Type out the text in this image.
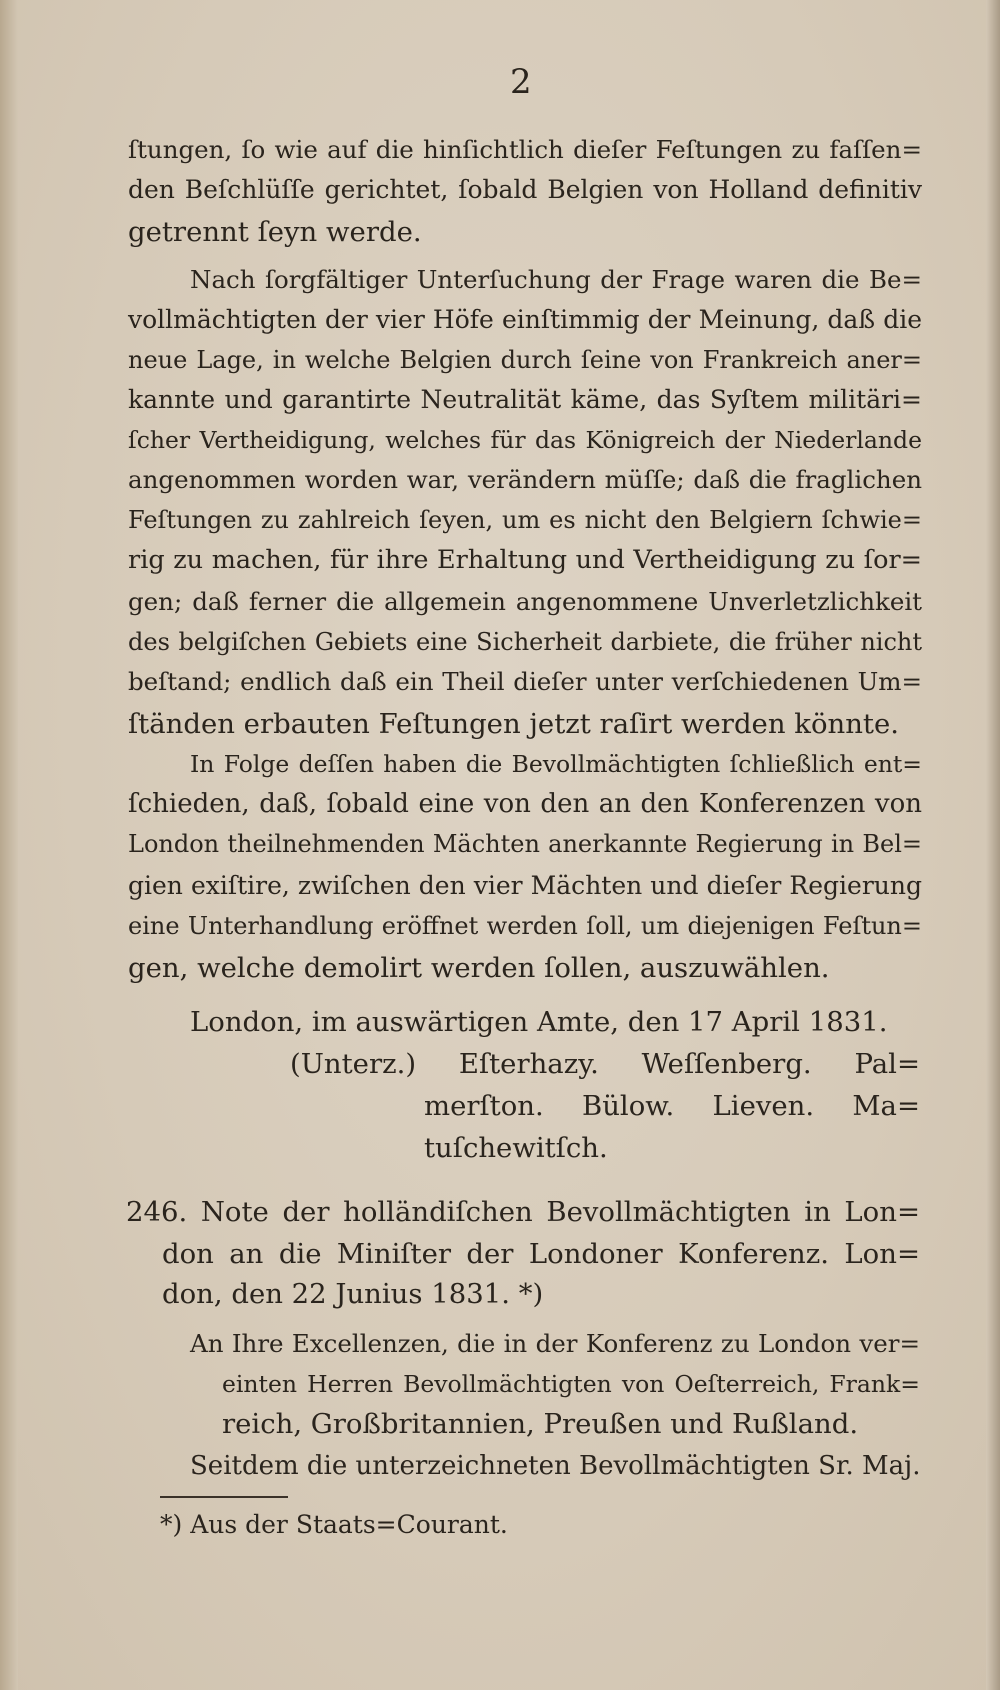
2
ſtungen, ſo wie auf die hinſichtlich dieſer Feſtungen zu faſſen=
den Beſchlüſſe gerichtet, ſobald Belgien von Holland definitiv
getrennt ſeyn werde.
Nach ſorgfältiger Unterſuchung der Frage waren die Be=
vollmächtigten der vier Höfe einſtimmig der Meinung, daß die
neue Lage, in welche Belgien durch ſeine von Frankreich aner=
kannte und garantirte Neutralität käme, das Syſtem militäri=
ſcher Vertheidigung, welches für das Königreich der Niederlande
angenommen worden war, verändern müſſe; daß die fraglichen
Feſtungen zu zahlreich ſeyen, um es nicht den Belgiern ſchwie=
rig zu machen, für ihre Erhaltung und Vertheidigung zu ſor=
gen; daß ferner die allgemein angenommene Unverletzlichkeit
des belgiſchen Gebiets eine Sicherheit darbiete, die früher nicht
beſtand; endlich daß ein Theil dieſer unter verſchiedenen Um=
ſtänden erbauten Feſtungen jetzt raſirt werden könnte.
In Folge deſſen haben die Bevollmächtigten ſchließlich ent=
ſchieden, daß, ſobald eine von den an den Konferenzen von
London theilnehmenden Mächten anerkannte Regierung in Bel=
gien exiſtire, zwiſchen den vier Mächten und dieſer Regierung
eine Unterhandlung eröffnet werden ſoll, um diejenigen Feſtun=
gen, welche demolirt werden ſollen, auszuwählen.
London, im auswärtigen Amte, den 17 April 1831.
(Unterz.) Eſterhazy. Weſſenberg. Pal=
merſton. Bülow. Lieven. Ma=
tuſchewitſch.
246. Note der holländiſchen Bevollmächtigten in Lon=
don an die Miniſter der Londoner Konferenz. Lon=
don, den 22 Junius 1831. *)
An Ihre Excellenzen, die in der Konferenz zu London ver=
einten Herren Bevollmächtigten von Oeſterreich, Frank=
reich, Großbritannien, Preußen und Rußland.
Seitdem die unterzeichneten Bevollmächtigten Sr. Maj.
*) Aus der Staats=Courant.
